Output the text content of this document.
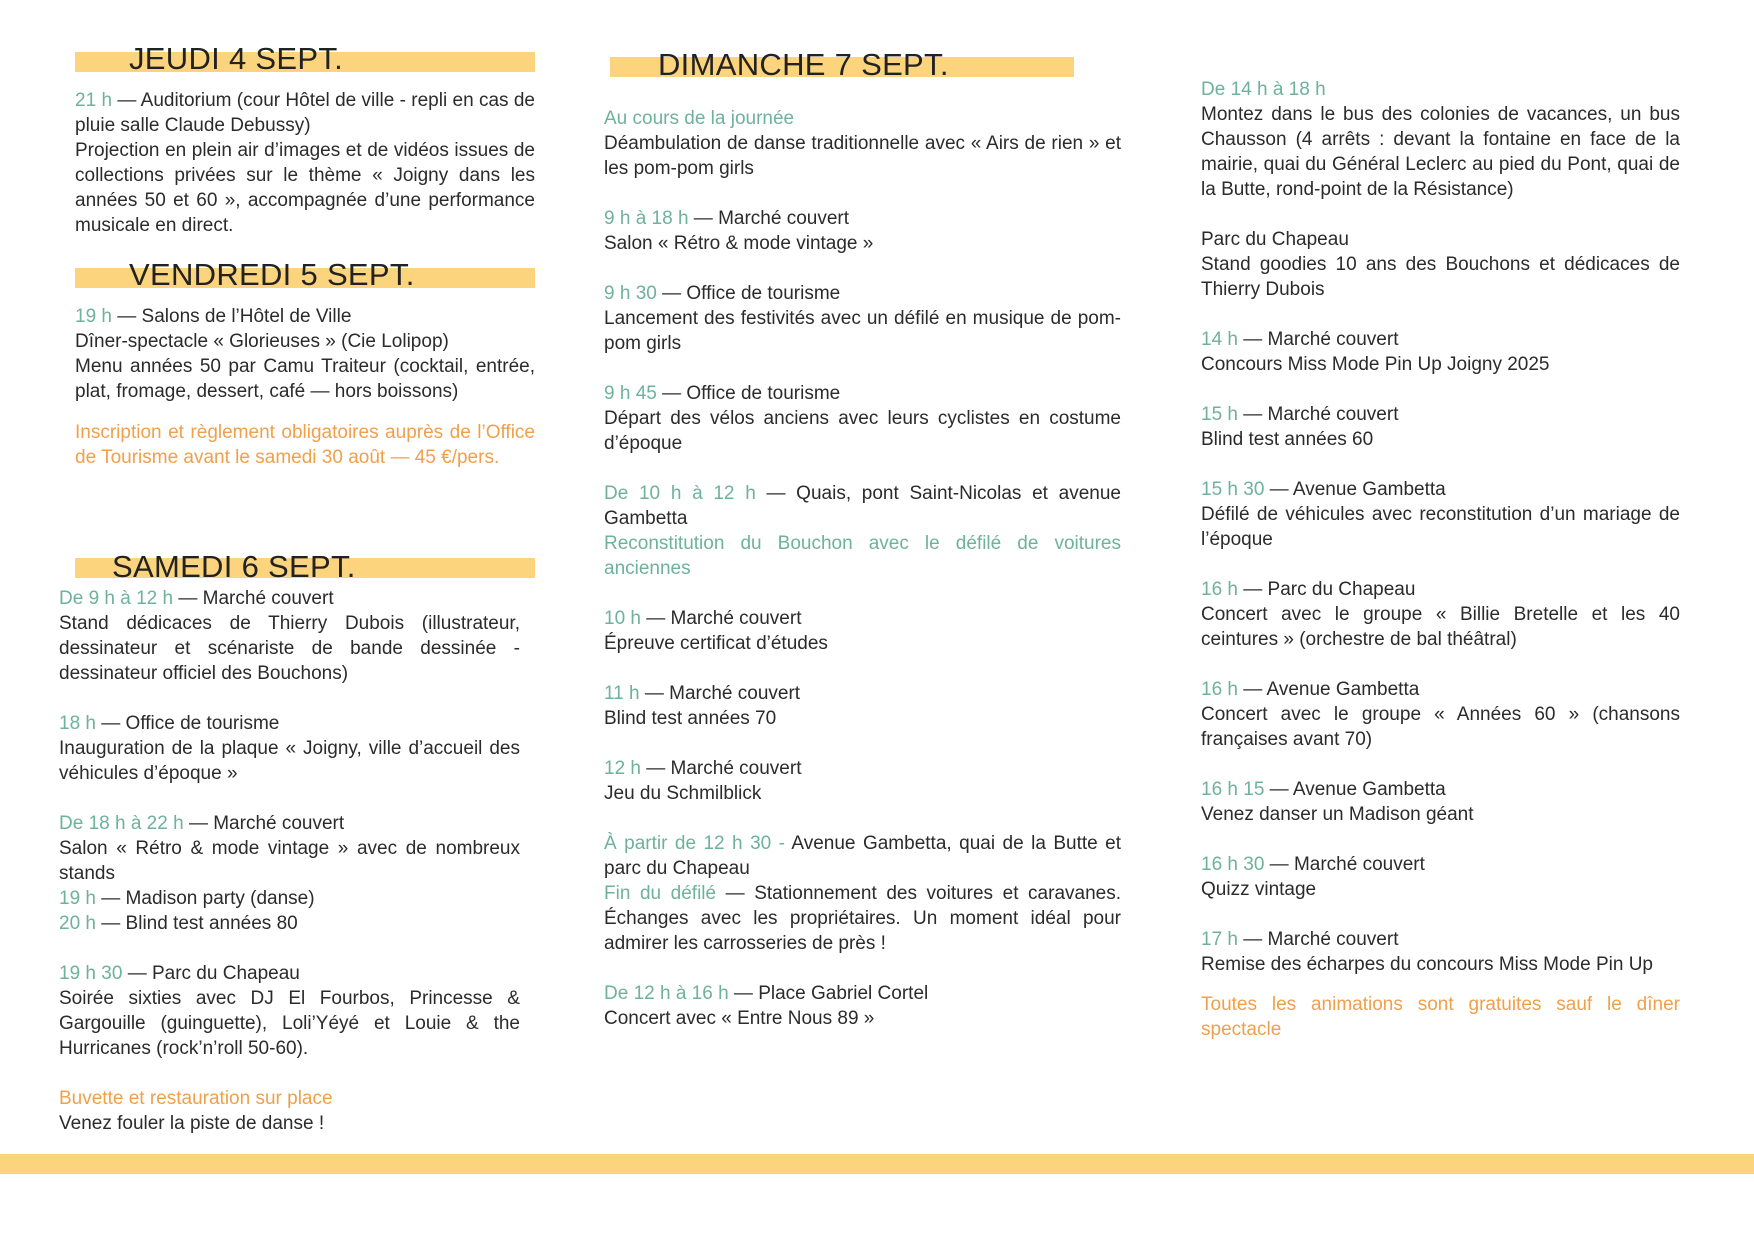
JEUDI 4 SEPT.

21 h — Auditorium (cour Hôtel de ville - repli en cas de pluie salle Claude Debussy)

Projection en plein air d’images et de vidéos issues de collections privées sur le thème « Joigny dans les années 50 et 60 », accompagnée d’une performance musicale en direct.

VENDREDI 5 SEPT.

19 h — Salons de l’Hôtel de Ville

Dîner-spectacle « Glorieuses » (Cie Lolipop)

Menu années 50 par Camu Traiteur (cocktail, entrée, plat, fromage, dessert, café — hors boissons)

Inscription et règlement obligatoires auprès de l’Office de Tourisme avant le samedi 30 août — 45 €/pers.

SAMEDI 6 SEPT.

De 9 h à 12 h — Marché couvert

Stand dédicaces de Thierry Dubois (illustrateur, dessinateur et scénariste de bande dessinée - dessinateur officiel des Bouchons)

18 h — Office de tourisme

Inauguration de la plaque « Joigny, ville d’accueil des véhicules d’époque »

De 18 h à 22 h — Marché couvert

Salon « Rétro & mode vintage » avec de nombreux stands

19 h — Madison party (danse)

20 h — Blind test années 80

19 h 30 — Parc du Chapeau

Soirée sixties avec DJ El Fourbos, Princesse & Gargouille (guinguette), Loli’Yéyé et Louie & the Hurricanes (rock’n’roll 50-60).

Buvette et restauration sur place

Venez fouler la piste de danse !

DIMANCHE 7 SEPT.

Au cours de la journée

Déambulation de danse traditionnelle avec « Airs de rien » et les pom-pom girls

9 h à 18 h — Marché couvert

Salon « Rétro & mode vintage »

9 h 30 — Office de tourisme

Lancement des festivités avec un défilé en musique de pom-pom girls

9 h 45 — Office de tourisme

Départ des vélos anciens avec leurs cyclistes en costume d’époque

De 10 h à 12 h — Quais, pont Saint-Nicolas et avenue Gambetta

Reconstitution du Bouchon avec le défilé de voitures anciennes

10 h — Marché couvert

Épreuve certificat d’études

11 h — Marché couvert

Blind test années 70

12 h — Marché couvert

Jeu du Schmilblick

À partir de 12 h 30 - Avenue Gambetta, quai de la Butte et parc du Chapeau

Fin du défilé — Stationnement des voitures et caravanes. Échanges avec les propriétaires. Un moment idéal pour admirer les carrosseries de près !

De 12 h à 16 h — Place Gabriel Cortel

Concert avec « Entre Nous 89 »

De 14 h à 18 h

Montez dans le bus des colonies de vacances, un bus Chausson (4 arrêts : devant la fontaine en face de la mairie, quai du Général Leclerc au pied du Pont, quai de la Butte, rond-point de la Résistance)

Parc du Chapeau

Stand goodies 10 ans des Bouchons et dédicaces de Thierry Dubois

14 h — Marché couvert

Concours Miss Mode Pin Up Joigny 2025

15 h — Marché couvert

Blind test années 60

15 h 30 — Avenue Gambetta

Défilé de véhicules avec reconstitution d’un mariage de l’époque

16 h — Parc du Chapeau

Concert avec le groupe « Billie Bretelle et les 40 ceintures » (orchestre de bal théâtral)

16 h — Avenue Gambetta

Concert avec le groupe « Années 60 » (chansons françaises avant 70)

16 h 15 — Avenue Gambetta

Venez danser un Madison géant

16 h 30 — Marché couvert

Quizz vintage

17 h — Marché couvert

Remise des écharpes du concours Miss Mode Pin Up

Toutes les animations sont gratuites sauf le dîner spectacle
